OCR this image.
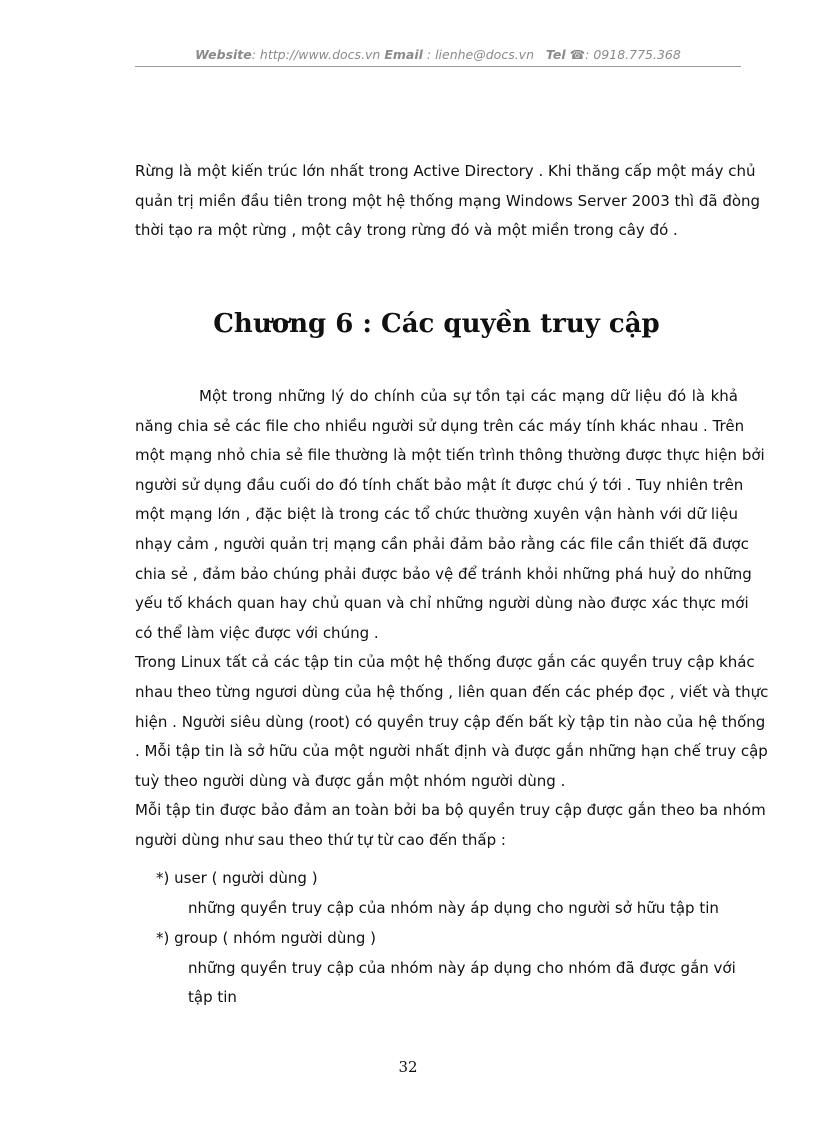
Website: http://www.docs.vn Email : lienhe@docs.vn Tel ☎: 0918.775.368
Rừng là một kiến trúc lớn nhất trong Active Directory . Khi thăng cấp một máy chủ
quản trị miền đầu tiên trong một hệ thống mạng Windows Server 2003 thì đã đòng
thời tạo ra một rừng , một cây trong rừng đó và một miền trong cây đó .
Chương 6 : Các quyền truy cập
Một trong những lý do chính của sự tồn tại các mạng dữ liệu đó là khả
năng chia sẻ các file cho nhiều người sử dụng trên các máy tính khác nhau . Trên
một mạng nhỏ chia sẻ file thường là một tiến trình thông thường được thực hiện bởi
người sử dụng đầu cuối do đó tính chất bảo mật ít được chú ý tới . Tuy nhiên trên
một mạng lớn , đặc biệt là trong các tổ chức thường xuyên vận hành với dữ liệu
nhạy cảm , người quản trị mạng cần phải đảm bảo rằng các file cần thiết đã được
chia sẻ , đảm bảo chúng phải được bảo vệ để tránh khỏi những phá huỷ do những
yếu tố khách quan hay chủ quan và chỉ những người dùng nào được xác thực mới
có thể làm việc được với chúng .
Trong Linux tất cả các tập tin của một hệ thống được gắn các quyền truy cập khác
nhau theo từng ngươi dùng của hệ thống , liên quan đến các phép đọc , viết và thực
hiện . Người siêu dùng (root) có quyền truy cập đến bất kỳ tập tin nào của hệ thống
. Mỗi tập tin là sở hữu của một người nhất định và được gắn những hạn chế truy cập
tuỳ theo người dùng và được gắn một nhóm người dùng .
Mỗi tập tin được bảo đảm an toàn bởi ba bộ quyền truy cập được gắn theo ba nhóm
người dùng như sau theo thứ tự từ cao đến thấp :
*) user ( người dùng )
những quyền truy cập của nhóm này áp dụng cho người sở hữu tập tin
*) group ( nhóm người dùng )
những quyền truy cập của nhóm này áp dụng cho nhóm đã được gắn với
tập tin
32
